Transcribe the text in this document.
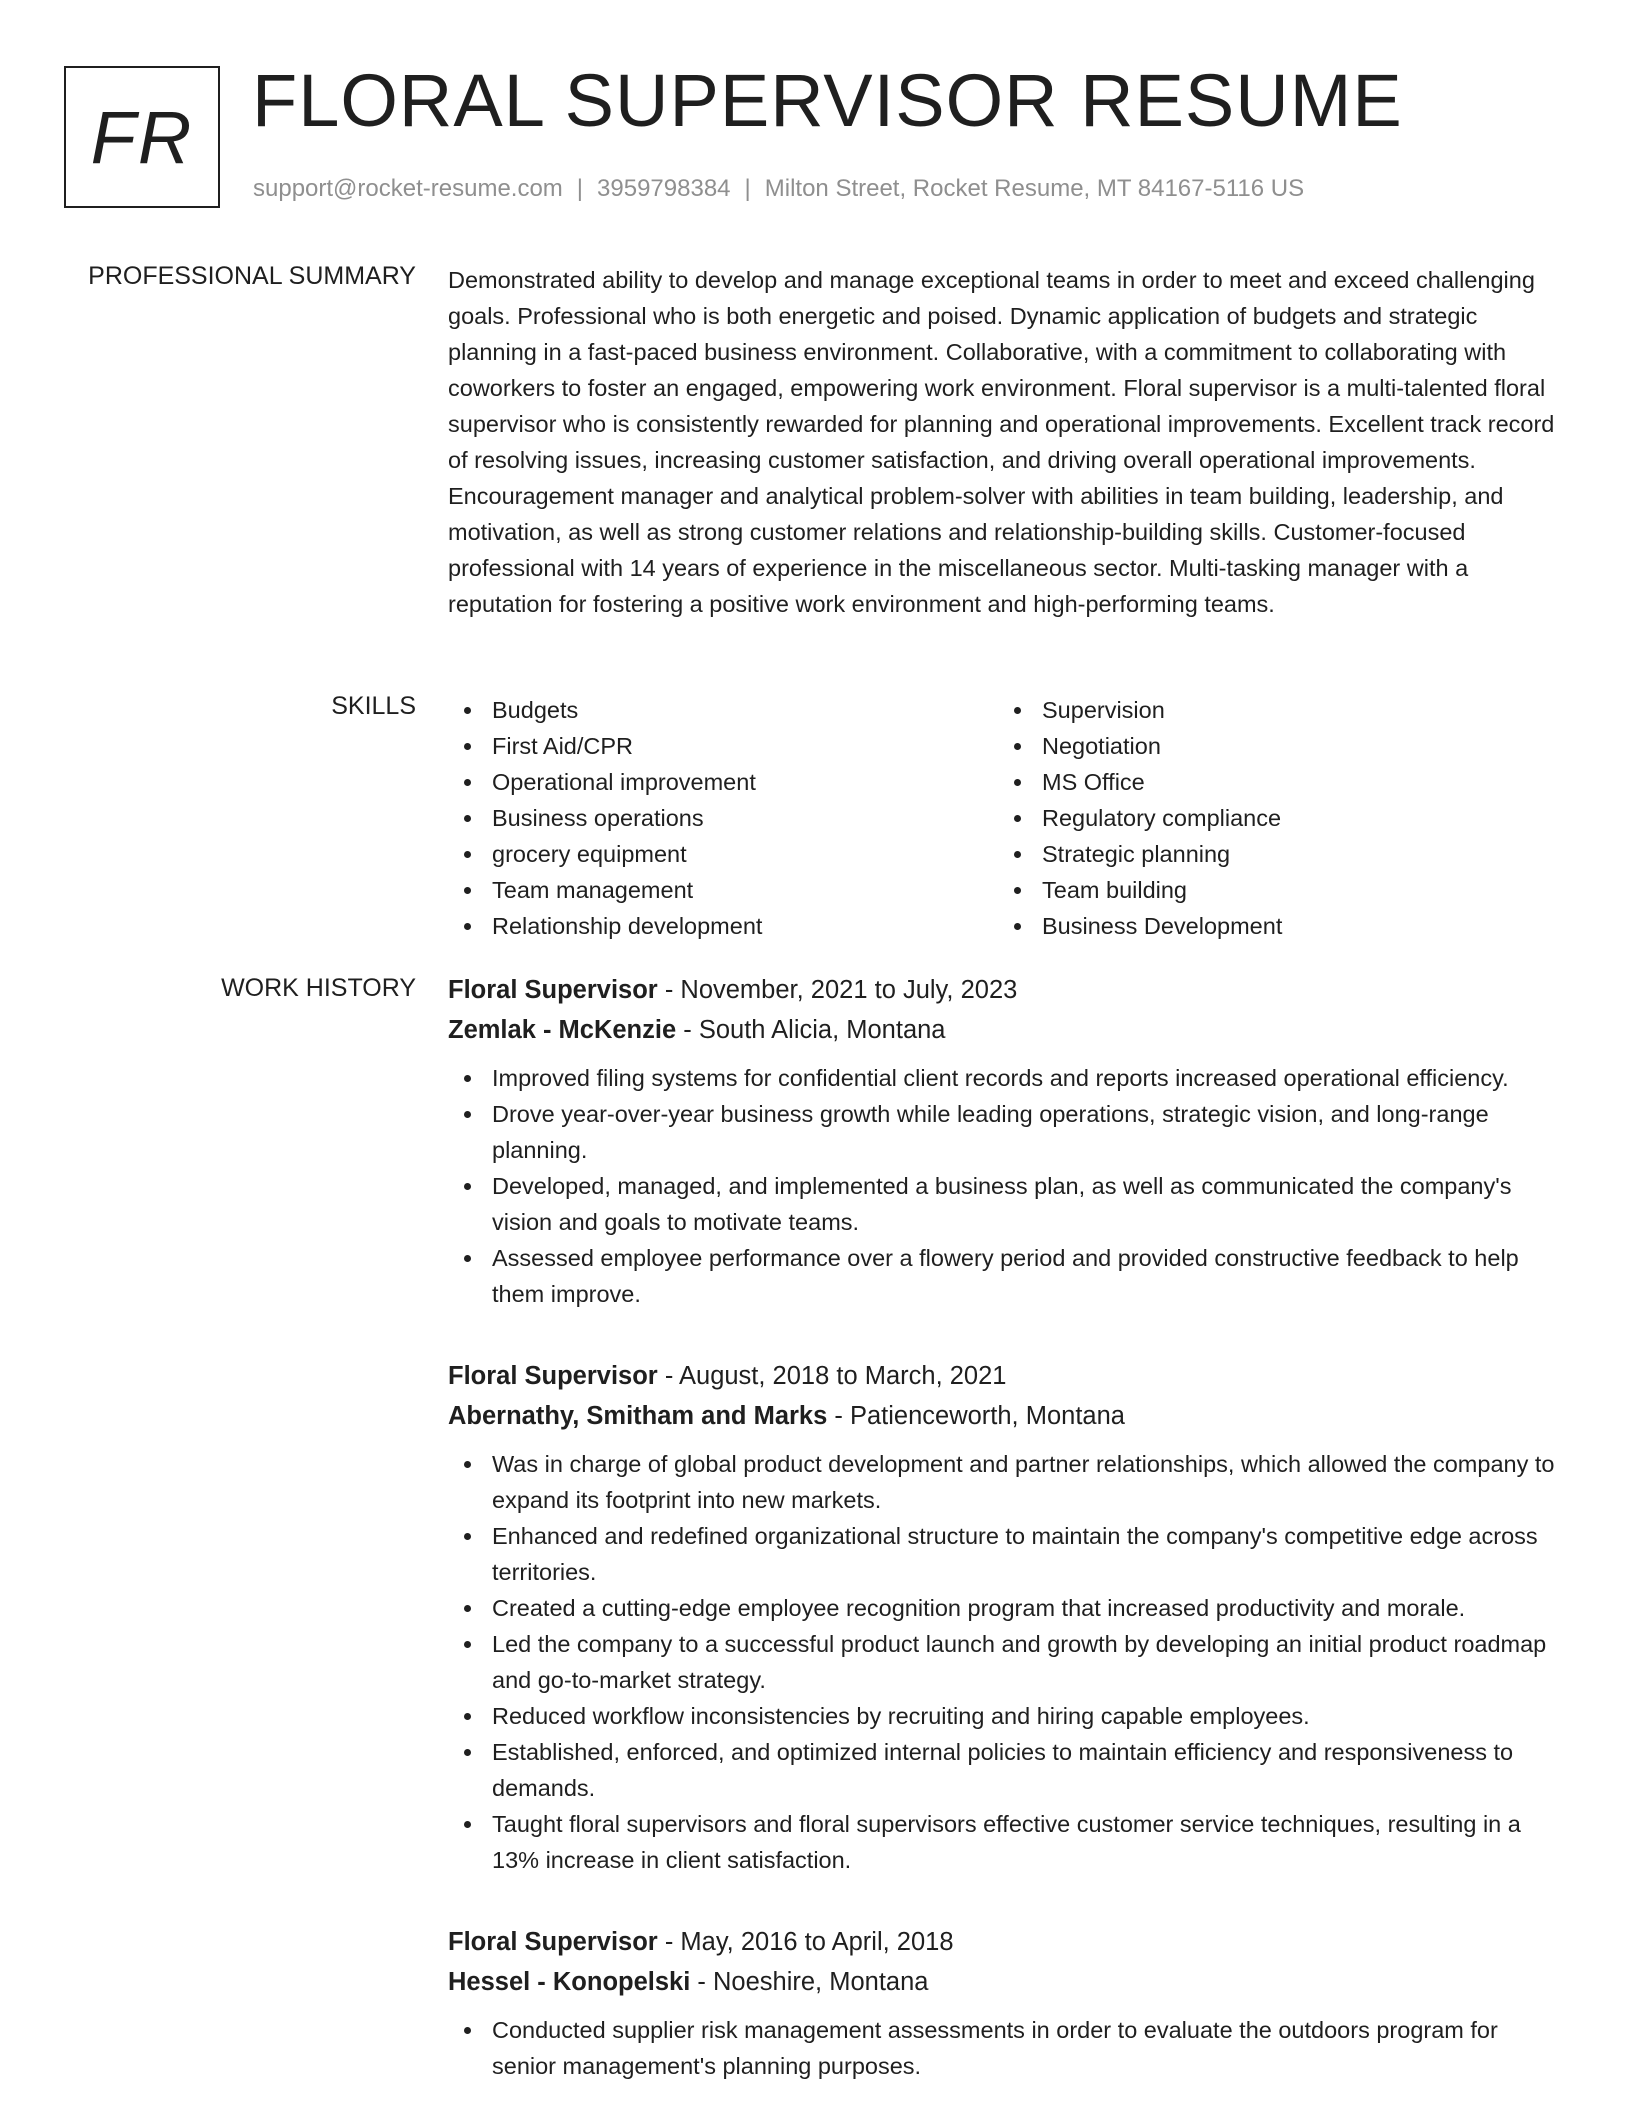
FR FLORAL SUPERVISOR RESUME
support@rocket-resume.com | 3959798384 | Milton Street, Rocket Resume, MT 84167-5116 US
PROFESSIONAL SUMMARY Demonstrated ability to develop and manage exceptional teams in order to meet and exceed challenging goals. Professional who is both energetic and poised. Dynamic application of budgets and strategic planning in a fast-paced business environment. Collaborative, with a commitment to collaborating with coworkers to foster an engaged, empowering work environment. Floral supervisor is a multi-talented floral supervisor who is consistently rewarded for planning and operational improvements. Excellent track record of resolving issues, increasing customer satisfaction, and driving overall operational improvements. Encouragement manager and analytical problem-solver with abilities in team building, leadership, and motivation, as well as strong customer relations and relationship-building skills. Customer-focused professional with 14 years of experience in the miscellaneous sector. Multi-tasking manager with a reputation for fostering a positive work environment and high-performing teams.

SKILLS	Budgets
First Aid/CPR
Operational improvement
Business operations
grocery equipment
Team management
Relationship development
Supervision
Negotiation
MS Office
Regulatory compliance
Strategic planning
Team building
Business Development
WORK HISTORY Floral Supervisor - November, 2021 to July, 2023
Zemlak - McKenzie - South Alicia, Montana
Improved filing systems for confidential client records and reports increased operational efficiency.
Drove year-over-year business growth while leading operations, strategic vision, and long-range planning.
Developed, managed, and implemented a business plan, as well as communicated the company's vision and goals to motivate teams.
Assessed employee performance over a flowery period and provided constructive feedback to help them improve.
Floral Supervisor - August, 2018 to March, 2021
Abernathy, Smitham and Marks - Patienceworth, Montana
Was in charge of global product development and partner relationships, which allowed the company to expand its footprint into new markets.
Enhanced and redefined organizational structure to maintain the company's competitive edge across territories.
Created a cutting-edge employee recognition program that increased productivity and morale.
Led the company to a successful product launch and growth by developing an initial product roadmap and go-to-market strategy.
Reduced workflow inconsistencies by recruiting and hiring capable employees.
Established, enforced, and optimized internal policies to maintain efficiency and responsiveness to demands.
Taught floral supervisors and floral supervisors effective customer service techniques, resulting in a 13% increase in client satisfaction.
Floral Supervisor - May, 2016 to April, 2018
Hessel - Konopelski - Noeshire, Montana
Conducted supplier risk management assessments in order to evaluate the outdoors program for senior management's planning purposes.
